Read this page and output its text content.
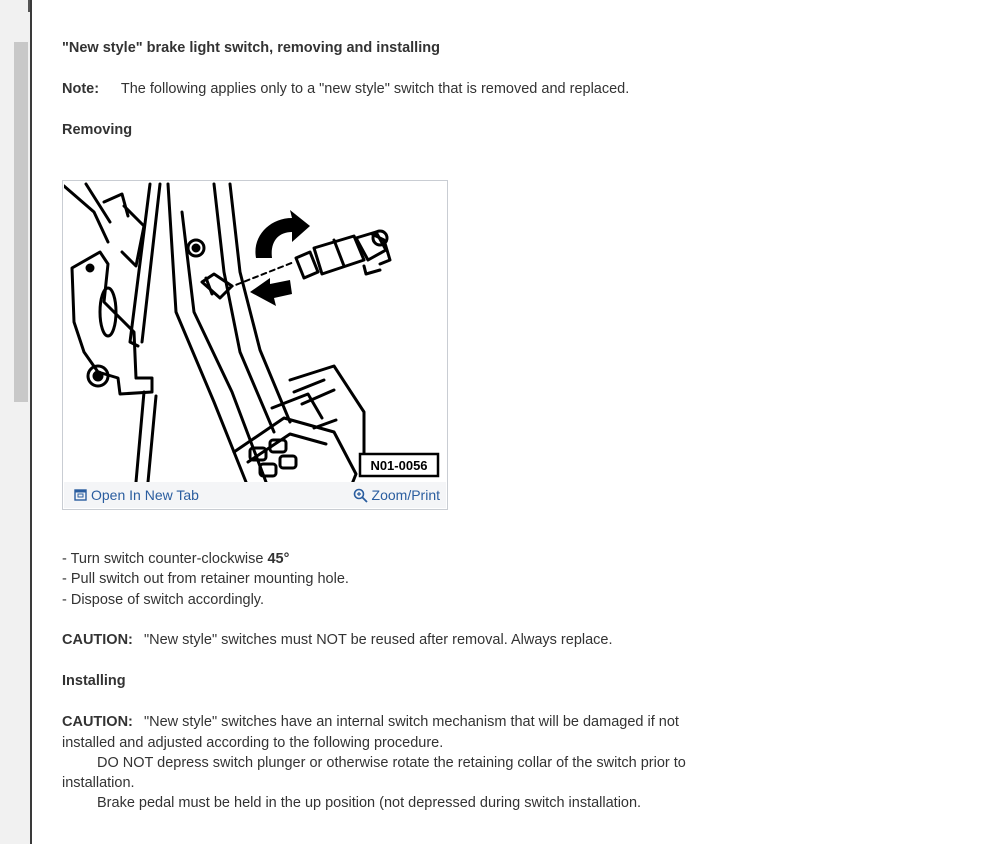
"New style" brake light switch, removing and installing
Note: The following applies only to a "new style" switch that is removed and replaced.
Removing
- Turn switch counter-clockwise 45°
- Pull switch out from retainer mounting hole.
- Dispose of switch accordingly.
CAUTION: "New style" switches must NOT be reused after removal. Always replace.
Installing
CAUTION: "New style" switches have an internal switch mechanism that will be damaged if not
installed and adjusted according to the following procedure.
DO NOT depress switch plunger or otherwise rotate the retaining collar of the switch prior to
installation.
Brake pedal must be held in the up position (not depressed during switch installation.
N01-0056
Open In New Tab	Zoom/Print
